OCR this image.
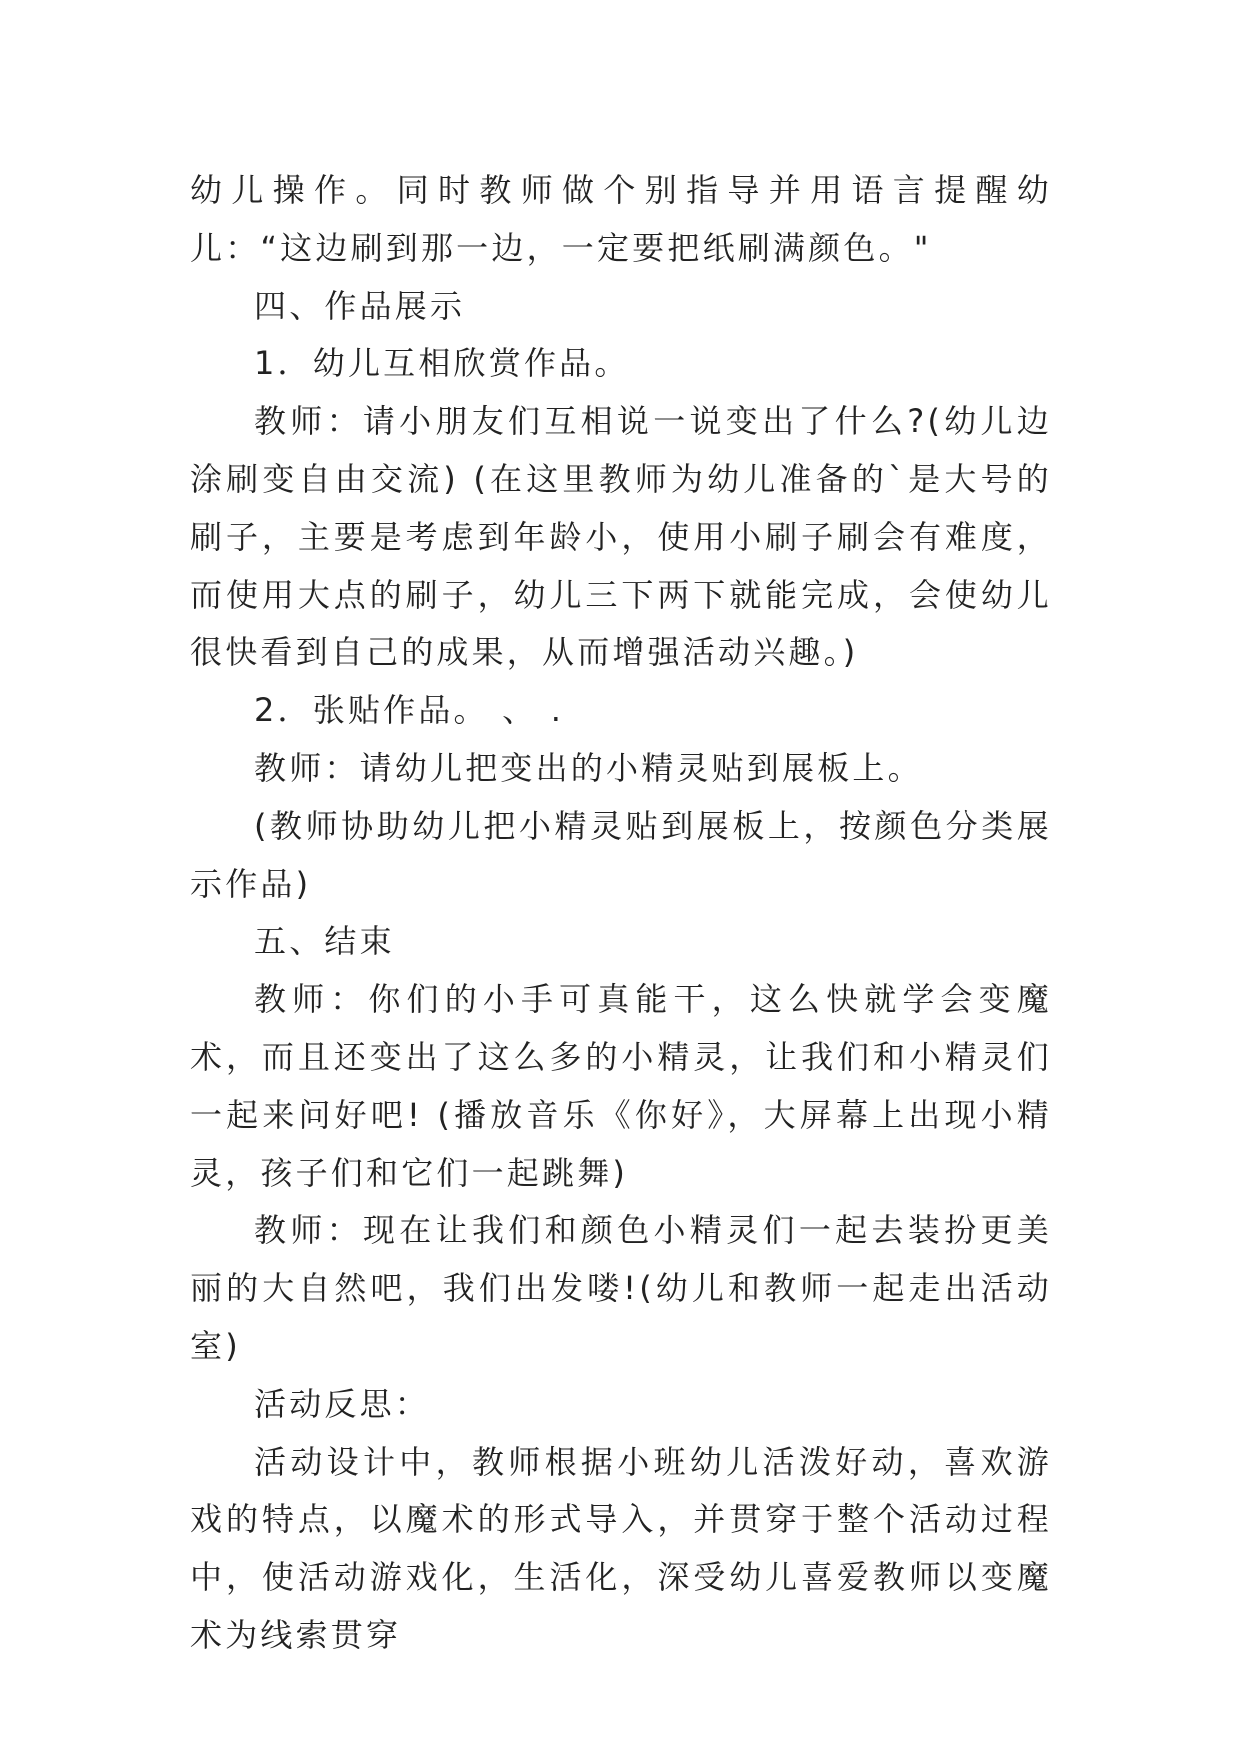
幼儿操作。同时教师做个别指导并用语言提醒幼儿：“这边刷到那一边，一定要把纸刷满颜色。"

四、作品展示

1．幼儿互相欣赏作品。

教师：请小朋友们互相说一说变出了什么?(幼儿边涂刷变自由交流) (在这里教师为幼儿准备的`是大号的刷子，主要是考虑到年龄小，使用小刷子刷会有难度，而使用大点的刷子，幼儿三下两下就能完成，会使幼儿很快看到自己的成果，从而增强活动兴趣。)

2．张贴作品。 、 .

教师：请幼儿把变出的小精灵贴到展板上。

(教师协助幼儿把小精灵贴到展板上，按颜色分类展示作品)

五、结束

教师：你们的小手可真能干，这么快就学会变魔术，而且还变出了这么多的小精灵，让我们和小精灵们一起来问好吧! (播放音乐《你好》，大屏幕上出现小精灵，孩子们和它们一起跳舞)

教师：现在让我们和颜色小精灵们一起去装扮更美丽的大自然吧，我们出发喽!(幼儿和教师一起走出活动室)

活动反思：

活动设计中，教师根据小班幼儿活泼好动，喜欢游戏的特点，以魔术的形式导入，并贯穿于整个活动过程中，使活动游戏化，生活化，深受幼儿喜爱教师以变魔术为线索贯穿
